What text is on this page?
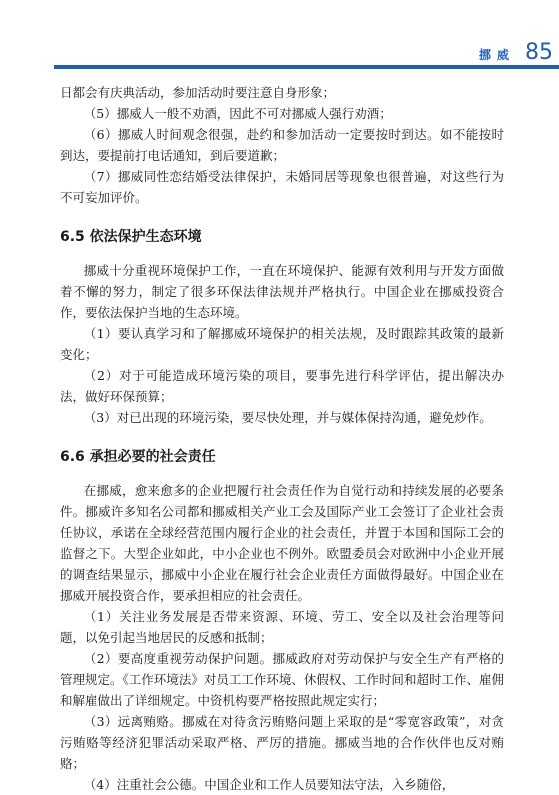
挪威 85

日都会有庆典活动，参加活动时要注意自身形象；

（5）挪威人一般不劝酒，因此不可对挪威人强行劝酒；

（6）挪威人时间观念很强，赴约和参加活动一定要按时到达。如不能按时到达，要提前打电话通知，到后要道歉；

（7）挪威同性恋结婚受法律保护，未婚同居等现象也很普遍，对这些行为不可妄加评价。

6.5 依法保护生态环境

挪威十分重视环境保护工作，一直在环境保护、能源有效利用与开发方面做着不懈的努力，制定了很多环保法律法规并严格执行。中国企业在挪威投资合作，要依法保护当地的生态环境。

（1）要认真学习和了解挪威环境保护的相关法规，及时跟踪其政策的最新变化；

（2）对于可能造成环境污染的项目，要事先进行科学评估，提出解决办法，做好环保预算；

（3）对已出现的环境污染，要尽快处理，并与媒体保持沟通，避免炒作。

6.6 承担必要的社会责任

在挪威，愈来愈多的企业把履行社会责任作为自觉行动和持续发展的必要条件。挪威许多知名公司都和挪威相关产业工会及国际产业工会签订了企业社会责任协议，承诺在全球经营范围内履行企业的社会责任，并置于本国和国际工会的监督之下。大型企业如此，中小企业也不例外。欧盟委员会对欧洲中小企业开展的调查结果显示，挪威中小企业在履行社会企业责任方面做得最好。中国企业在挪威开展投资合作，要承担相应的社会责任。

（1）关注业务发展是否带来资源、环境、劳工、安全以及社会治理等问题，以免引起当地居民的反感和抵制；

（2）要高度重视劳动保护问题。挪威政府对劳动保护与安全生产有严格的管理规定。《工作环境法》对员工工作环境、休假权、工作时间和超时工作、雇佣和解雇做出了详细规定。中资机构要严格按照此规定实行；

（3）远离贿赂。挪威在对待贪污贿赂问题上采取的是“零宽容政策”，对贪污贿赂等经济犯罪活动采取严格、严厉的措施。挪威当地的合作伙伴也反对贿赂；

（4）注重社会公德。中国企业和工作人员要知法守法，入乡随俗，
